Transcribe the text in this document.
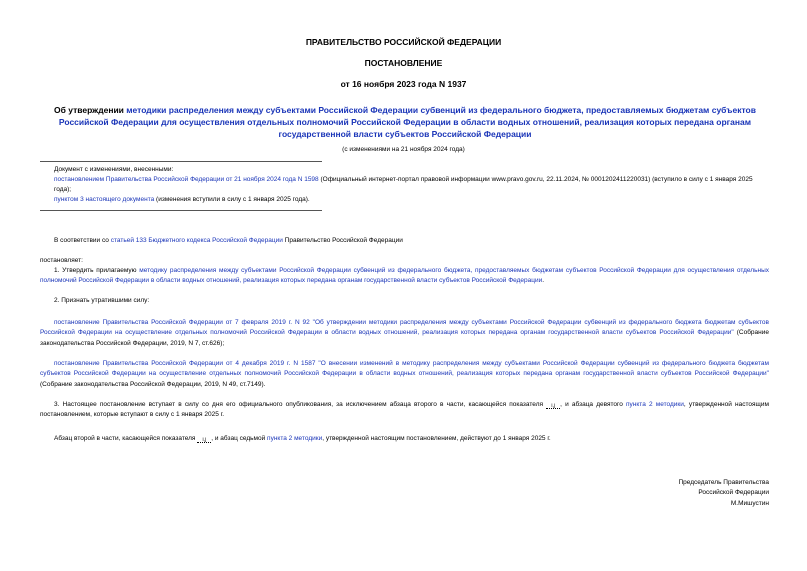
ПРАВИТЕЛЬСТВО РОССИЙСКОЙ ФЕДЕРАЦИИ
ПОСТАНОВЛЕНИЕ
от 16 ноября 2023 года N 1937
Об утверждении методики распределения между субъектами Российской Федерации субвенций из федерального бюджета, предоставляемых бюджетам субъектов Российской Федерации для осуществления отдельных полномочий Российской Федерации в области водных отношений, реализация которых передана органам государственной власти субъектов Российской Федерации
(с изменениями на 21 ноября 2024 года)
Документ с изменениями, внесенными:
постановлением Правительства Российской Федерации от 21 ноября 2024 года N 1598 (Официальный интернет-портал правовой информации www.pravo.gov.ru, 22.11.2024, № 0001202411220031) (вступило в силу с 1 января 2025 года);
пунктом 3 настоящего документа (изменения вступили в силу с 1 января 2025 года).
В соответствии со статьей 133 Бюджетного кодекса Российской Федерации Правительство Российской Федерации
постановляет:
1. Утвердить прилагаемую методику распределения между субъектами Российской Федерации субвенций из федерального бюджета, предоставляемых бюджетам субъектов Российской Федерации для осуществления отдельных полномочий Российской Федерации в области водных отношений, реализация которых передана органам государственной власти субъектов Российской Федерации.
2. Признать утратившими силу:
постановление Правительства Российской Федерации от 7 февраля 2019 г. N 92 "Об утверждении методики распределения между субъектами Российской Федерации субвенций из федерального бюджета бюджетам субъектов Российской Федерации на осуществление отдельных полномочий Российской Федерации в области водных отношений, реализация которых передана органам государственной власти субъектов Российской Федерации" (Собрание законодательства Российской Федерации, 2019, N 7, ст.626);
постановление Правительства Российской Федерации от 4 декабря 2019 г. N 1587 "О внесении изменений в методику распределения между субъектами Российской Федерации субвенций из федерального бюджета бюджетам субъектов Российской Федерации на осуществление отдельных полномочий Российской Федерации в области водных отношений, реализация которых передана органам государственной власти субъектов Российской Федерации" (Собрание законодательства Российской Федерации, 2019, N 49, ст.7149).
3. Настоящее постановление вступает в силу со дня его официального опубликования, за исключением абзаца второго в части, касающейся показателя i,j , и абзаца девятого пункта 2 методики, утвержденной настоящим постановлением, которые вступают в силу с 1 января 2025 г.
Абзац второй в части, касающейся показателя i,j , и абзац седьмой пункта 2 методики, утвержденной настоящим постановлением, действуют до 1 января 2025 г.
Председатель Правительства
Российской Федерации
М.Мишустин
